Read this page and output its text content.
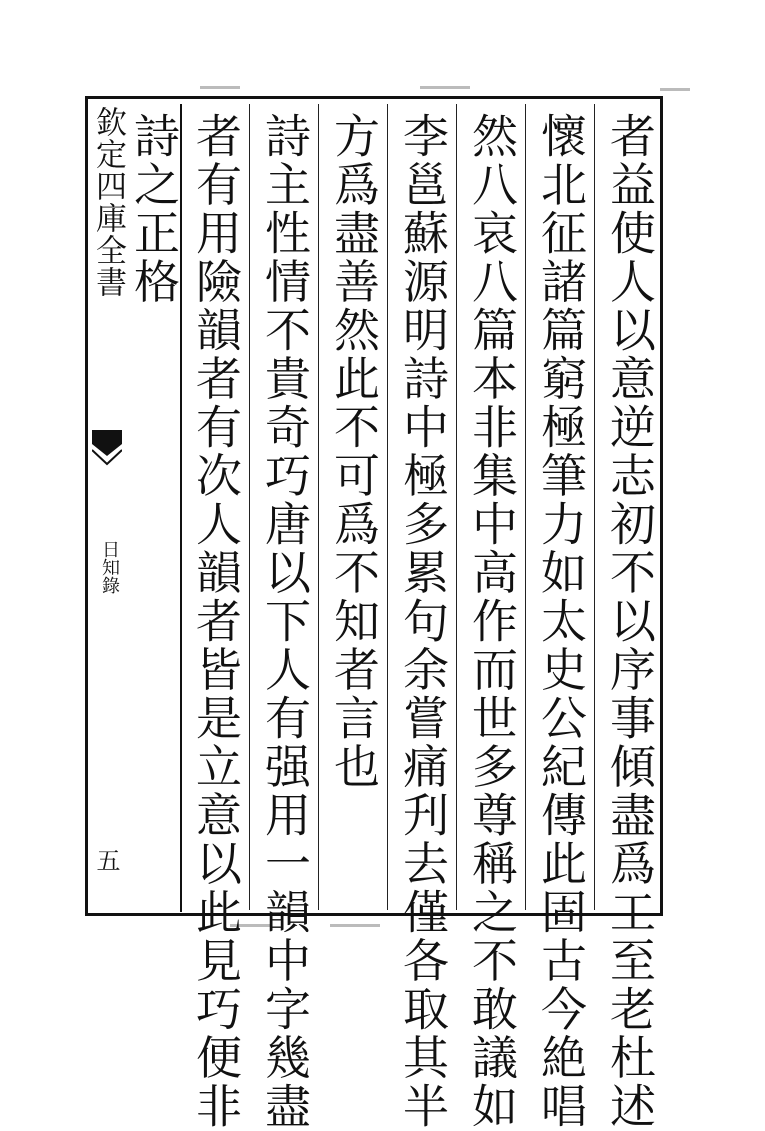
欽定四庫全書
日知錄
五	者益使人以意逆志初不以序事傾盡爲工至老杜述
懷北征諸篇窮極筆力如太史公紀傳此固古今絶唱
然八哀八篇本非集中高作而世多尊稱之不敢議如
李邕蘇源明詩中極多累句余嘗痛刋去僅各取其半
方爲盡善然此不可爲不知者言也
詩主性情不貴奇巧唐以下人有强用一韻中字幾盡
者有用險韻者有次人韻者皆是立意以此見巧便非
詩之正格
